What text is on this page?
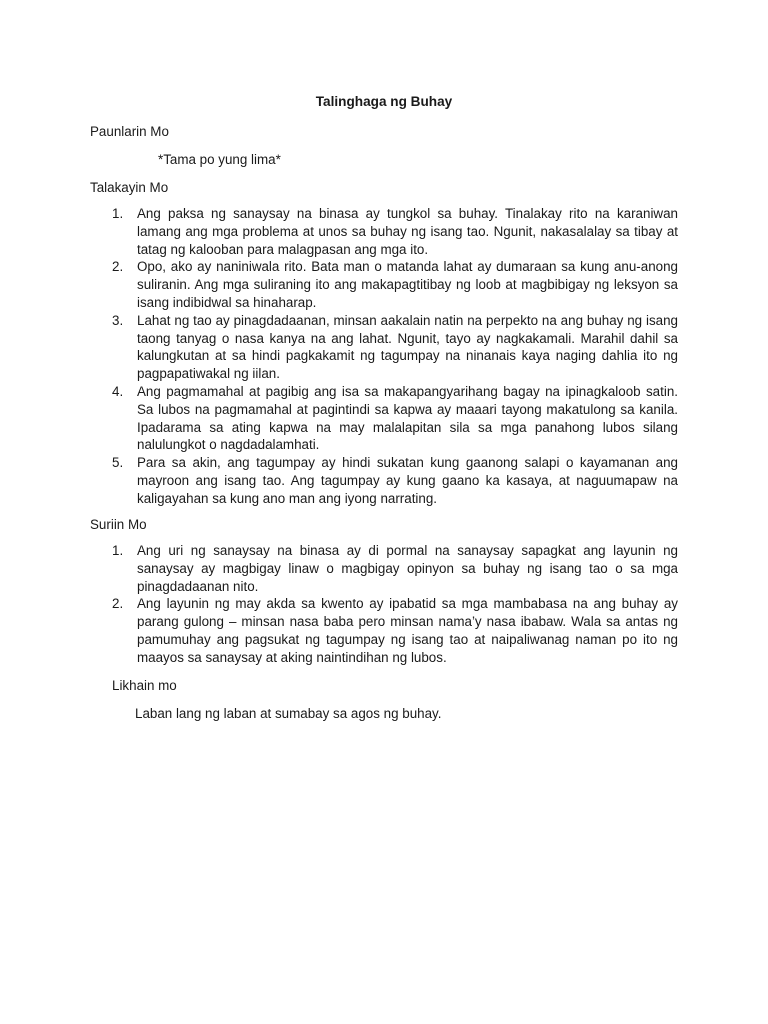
Talinghaga ng Buhay
Paunlarin Mo
*Tama po yung lima*
Talakayin Mo
1. Ang paksa ng sanaysay na binasa ay tungkol sa buhay. Tinalakay rito na karaniwan lamang ang mga problema at unos sa buhay ng isang tao. Ngunit, nakasalalay sa tibay at tatag ng kalooban para malagpasan ang mga ito.
2. Opo, ako ay naniniwala rito. Bata man o matanda lahat ay dumaraan sa kung anu-anong suliranin. Ang mga suliraning ito ang makapagtitibay ng loob at magbibigay ng leksyon sa isang indibidwal sa hinaharap.
3. Lahat ng tao ay pinagdadaanan, minsan aakalain natin na perpekto na ang buhay ng isang taong tanyag o nasa kanya na ang lahat. Ngunit, tayo ay nagkakamali. Marahil dahil sa kalungkutan at sa hindi pagkakamit ng tagumpay na ninanais kaya naging dahlia ito ng pagpapatiwakal ng iilan.
4. Ang pagmamahal at pagibig ang isa sa makapangyarihang bagay na ipinagkaloob satin. Sa lubos na pagmamahal at pagintindi sa kapwa ay maaari tayong makatulong sa kanila. Ipadarama sa ating kapwa na may malalapitan sila sa mga panahong lubos silang nalulungkot o nagdadalamhati.
5. Para sa akin, ang tagumpay ay hindi sukatan kung gaanong salapi o kayamanan ang mayroon ang isang tao. Ang tagumpay ay kung gaano ka kasaya, at naguumapaw na kaligayahan sa kung ano man ang iyong narrating.
Suriin Mo
1. Ang uri ng sanaysay na binasa ay di pormal na sanaysay sapagkat ang layunin ng sanaysay ay magbigay linaw o magbigay opinyon sa buhay ng isang tao o sa mga pinagdadaanan nito.
2. Ang layunin ng may akda sa kwento ay ipabatid sa mga mambabasa na ang buhay ay parang gulong – minsan nasa baba pero minsan nama’y nasa ibabaw. Wala sa antas ng pamumuhay ang pagsukat ng tagumpay ng isang tao at naipaliwanag naman po ito ng maayos sa sanaysay at aking naintindihan ng lubos.
Likhain mo
Laban lang ng laban at sumabay sa agos ng buhay.
